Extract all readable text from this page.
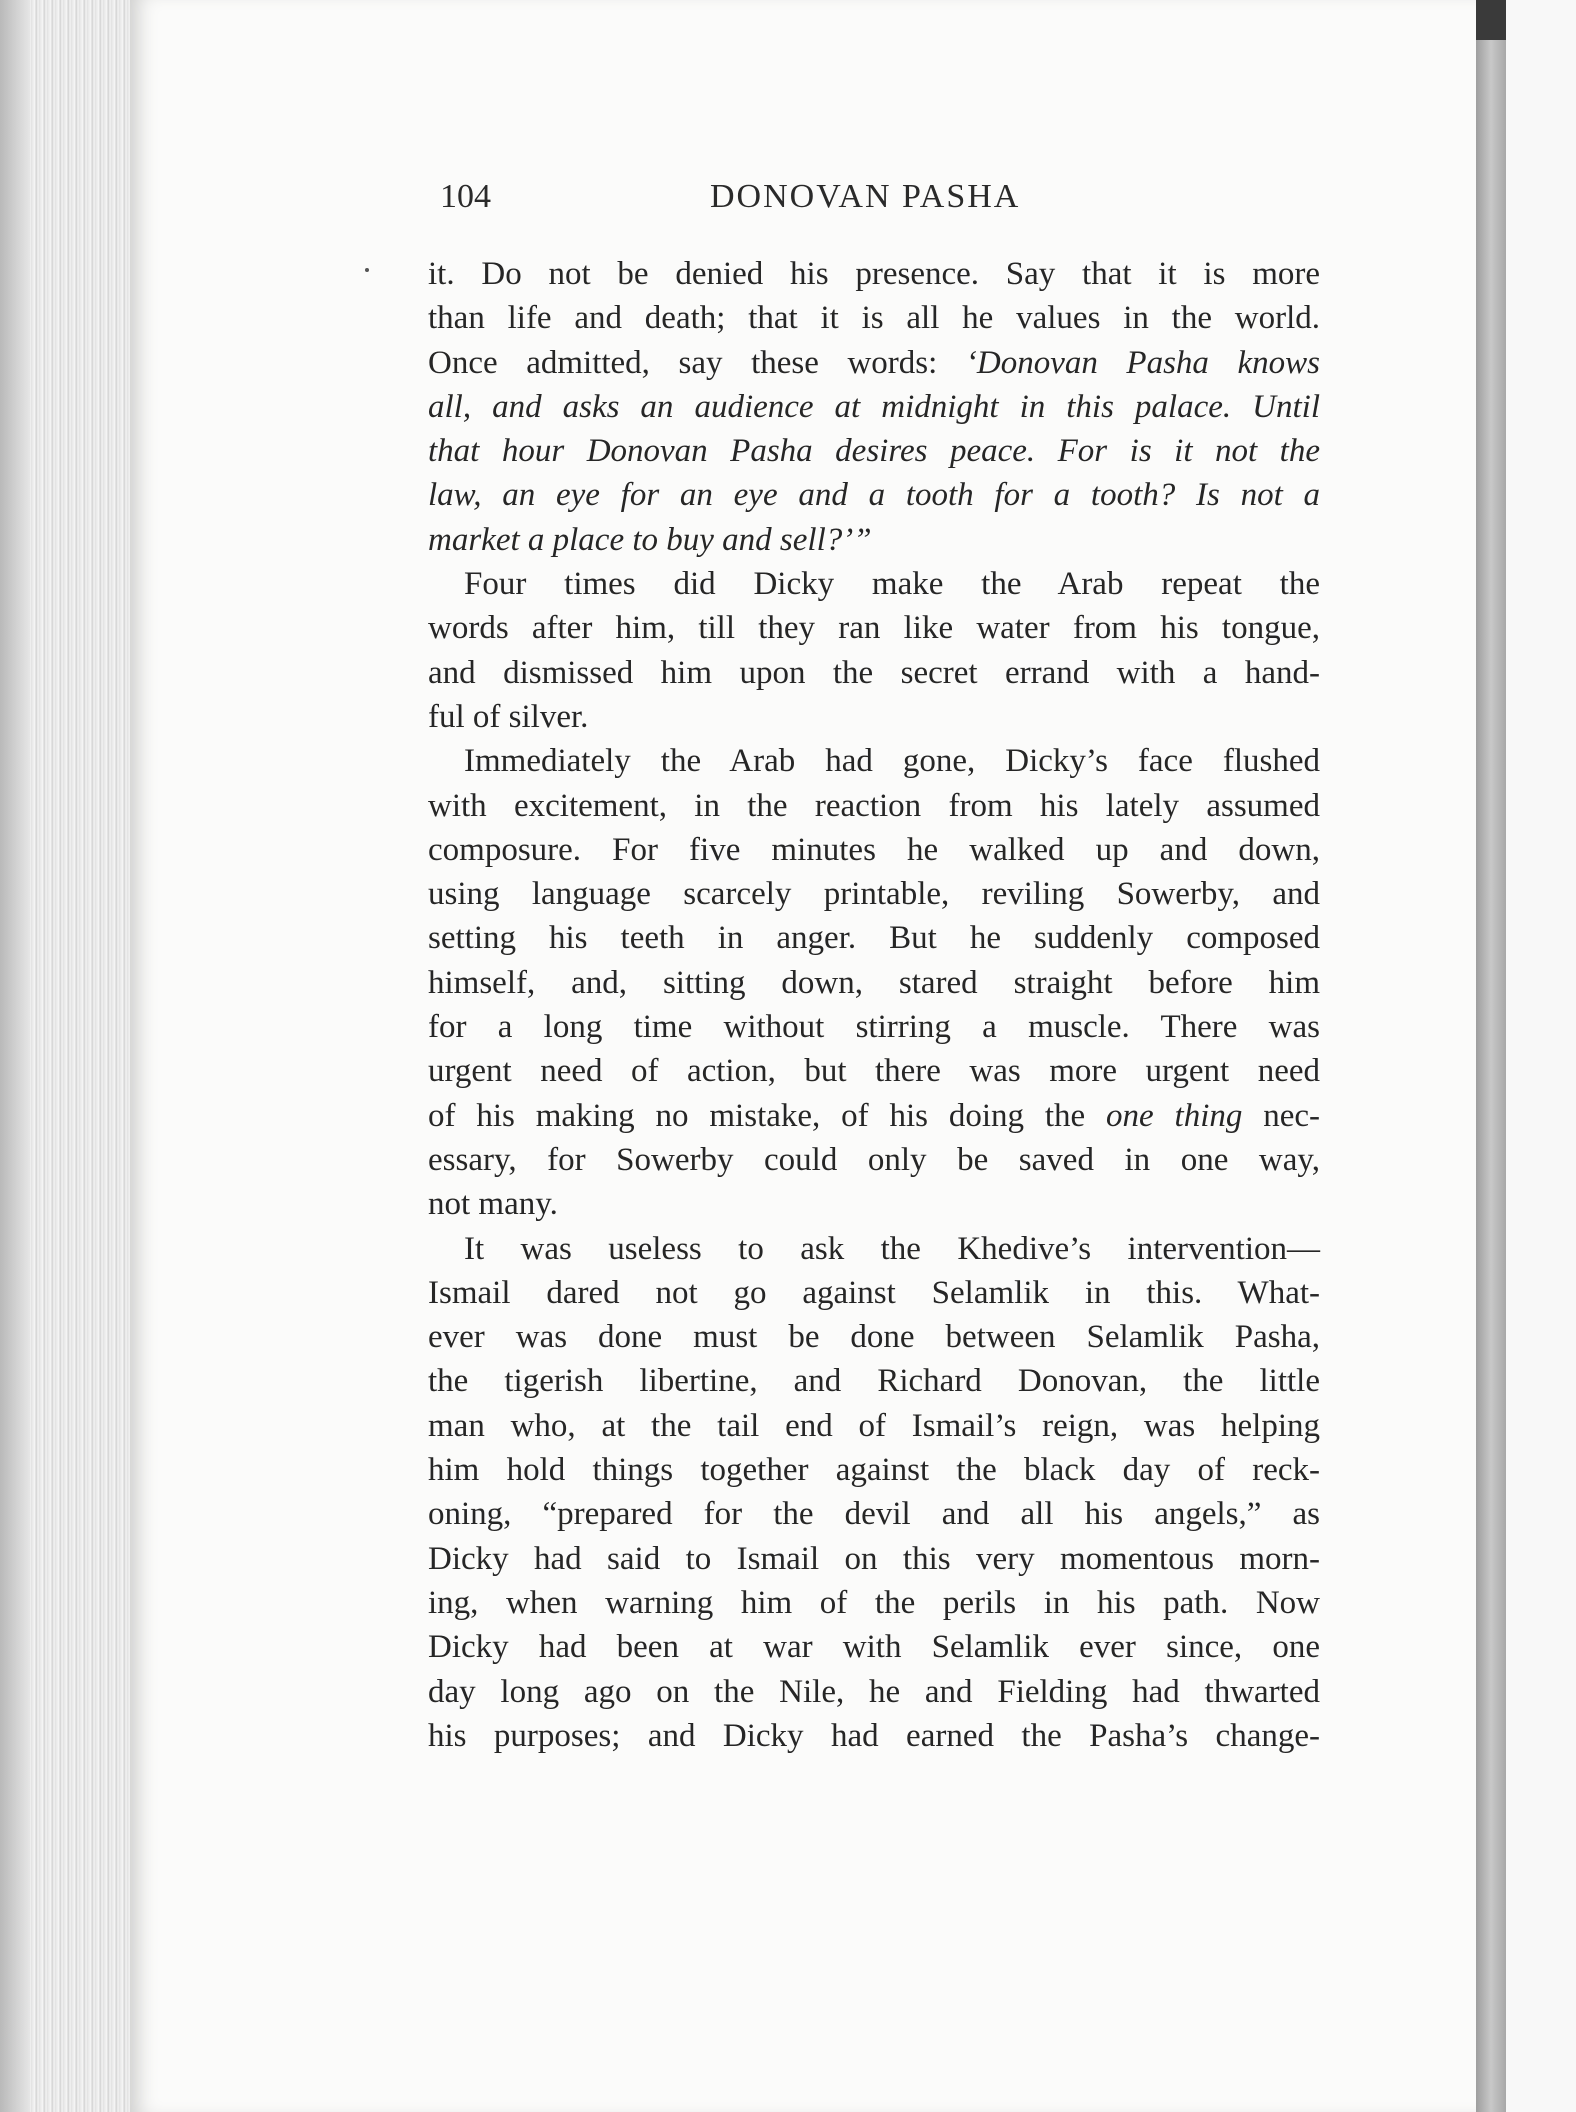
104	DONOVAN PASHA
it. Do not be denied his presence. Say that it is more
than life and death; that it is all he values in the world.
Once admitted, say these words: ‘Donovan Pasha knows
all, and asks an audience at midnight in this palace. Until
that hour Donovan Pasha desires peace. For is it not the
law, an eye for an eye and a tooth for a tooth? Is not a
market a place to buy and sell?’”
Four times did Dicky make the Arab repeat the
words after him, till they ran like water from his tongue,
and dismissed him upon the secret errand with a hand-
ful of silver.
Immediately the Arab had gone, Dicky’s face flushed
with excitement, in the reaction from his lately assumed
composure. For five minutes he walked up and down,
using language scarcely printable, reviling Sowerby, and
setting his teeth in anger. But he suddenly composed
himself, and, sitting down, stared straight before him
for a long time without stirring a muscle. There was
urgent need of action, but there was more urgent need
of his making no mistake, of his doing the one thing nec-
essary, for Sowerby could only be saved in one way,
not many.
It was useless to ask the Khedive’s intervention—
Ismail dared not go against Selamlik in this. What-
ever was done must be done between Selamlik Pasha,
the tigerish libertine, and Richard Donovan, the little
man who, at the tail end of Ismail’s reign, was helping
him hold things together against the black day of reck-
oning, “prepared for the devil and all his angels,” as
Dicky had said to Ismail on this very momentous morn-
ing, when warning him of the perils in his path. Now
Dicky had been at war with Selamlik ever since, one
day long ago on the Nile, he and Fielding had thwarted
his purposes; and Dicky had earned the Pasha’s change-
